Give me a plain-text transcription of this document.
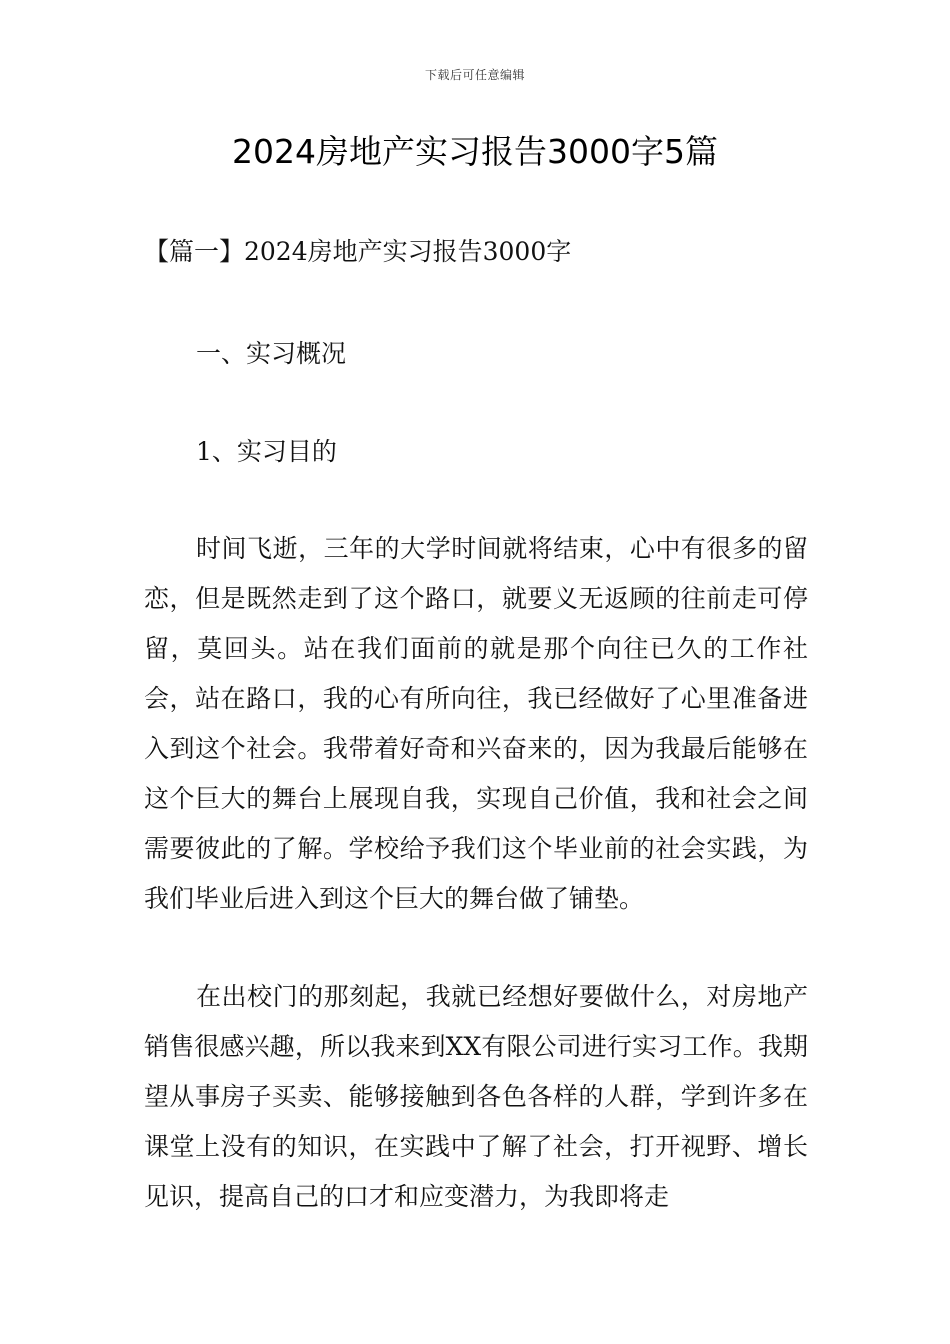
下载后可任意编辑
2024房地产实习报告3000字5篇
【篇一】2024房地产实习报告3000字
一、实习概况
1、实习目的

时间飞逝，三年的大学时间就将结束，心中有很多的留恋，但是既然走到了这个路口，就要义无返顾的往前走可停留，莫回头。站在我们面前的就是那个向往已久的工作社会，站在路口，我的心有所向往，我已经做好了心里准备进入到这个社会。我带着好奇和兴奋来的，因为我最后能够在这个巨大的舞台上展现自我，实现自己价值，我和社会之间需要彼此的了解。学校给予我们这个毕业前的社会实践，为我们毕业后进入到这个巨大的舞台做了铺垫。

在出校门的那刻起，我就已经想好要做什么，对房地产销售很感兴趣，所以我来到XX有限公司进行实习工作。我期望从事房子买卖、能够接触到各色各样的人群，学到许多在课堂上没有的知识，在实践中了解了社会，打开视野、增长见识，提高自己的口才和应变潜力，为我即将走
